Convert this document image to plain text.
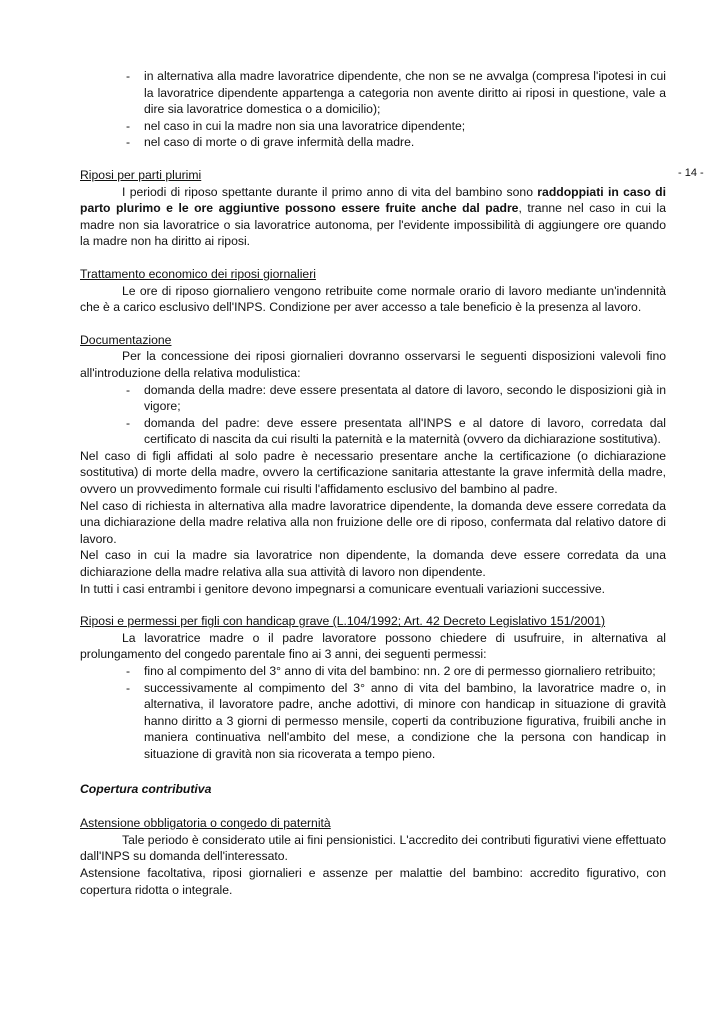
- 14 -
- in alternativa alla madre lavoratrice dipendente, che non se ne avvalga (compresa l'ipotesi in cui la lavoratrice dipendente appartenga a categoria non avente diritto ai riposi in questione, vale a dire sia lavoratrice domestica o a domicilio);
- nel caso in cui la madre non sia una lavoratrice dipendente;
- nel caso di morte o di grave infermità della madre.
Riposi per parti plurimi

I periodi di riposo spettante durante il primo anno di vita del bambino sono raddoppiati in caso di parto plurimo e le ore aggiuntive possono essere fruite anche dal padre, tranne nel caso in cui la madre non sia lavoratrice o sia lavoratrice autonoma, per l'evidente impossibilità di aggiungere ore quando la madre non ha diritto ai riposi.

Trattamento economico dei riposi giornalieri

Le ore di riposo giornaliero vengono retribuite come normale orario di lavoro mediante un'indennità che è a carico esclusivo dell'INPS. Condizione per aver accesso a tale beneficio è la presenza al lavoro.

Documentazione

Per la concessione dei riposi giornalieri dovranno osservarsi le seguenti disposizioni valevoli fino all'introduzione della relativa modulistica:

- domanda della madre: deve essere presentata al datore di lavoro, secondo le disposizioni già in vigore;
- domanda del padre: deve essere presentata all'INPS e al datore di lavoro, corredata dal certificato di nascita da cui risulti la paternità e la maternità (ovvero da dichiarazione sostitutiva).

Nel caso di figli affidati al solo padre è necessario presentare anche la certificazione (o dichiarazione sostitutiva) di morte della madre, ovvero la certificazione sanitaria attestante la grave infermità della madre, ovvero un provvedimento formale cui risulti l'affidamento esclusivo del bambino al padre.

Nel caso di richiesta in alternativa alla madre lavoratrice dipendente, la domanda deve essere corredata da una dichiarazione della madre relativa alla non fruizione delle ore di riposo, confermata dal relativo datore di lavoro.

Nel caso in cui la madre sia lavoratrice non dipendente, la domanda deve essere corredata da una dichiarazione della madre relativa alla sua attività di lavoro non dipendente.

In tutti i casi entrambi i genitore devono impegnarsi a comunicare eventuali variazioni successive.

Riposi e permessi per figli con handicap grave (L.104/1992; Art. 42 Decreto Legislativo 151/2001)

La lavoratrice madre o il padre lavoratore possono chiedere di usufruire, in alternativa al prolungamento del congedo parentale fino ai 3 anni, dei seguenti permessi:

- fino al compimento del 3° anno di vita del bambino: nn. 2 ore di permesso giornaliero retribuito;
- successivamente al compimento del 3° anno di vita del bambino, la lavoratrice madre o, in alternativa, il lavoratore padre, anche adottivi, di minore con handicap in situazione di gravità hanno diritto a 3 giorni di permesso mensile, coperti da contribuzione figurativa, fruibili anche in maniera continuativa nell'ambito del mese, a condizione che la persona con handicap in situazione di gravità non sia ricoverata a tempo pieno.
Copertura contributiva
Astensione obbligatoria o congedo di paternità

Tale periodo è considerato utile ai fini pensionistici. L'accredito dei contributi figurativi viene effettuato dall'INPS su domanda dell'interessato.

Astensione facoltativa, riposi giornalieri e assenze per malattie del bambino: accredito figurativo, con copertura ridotta o integrale.
